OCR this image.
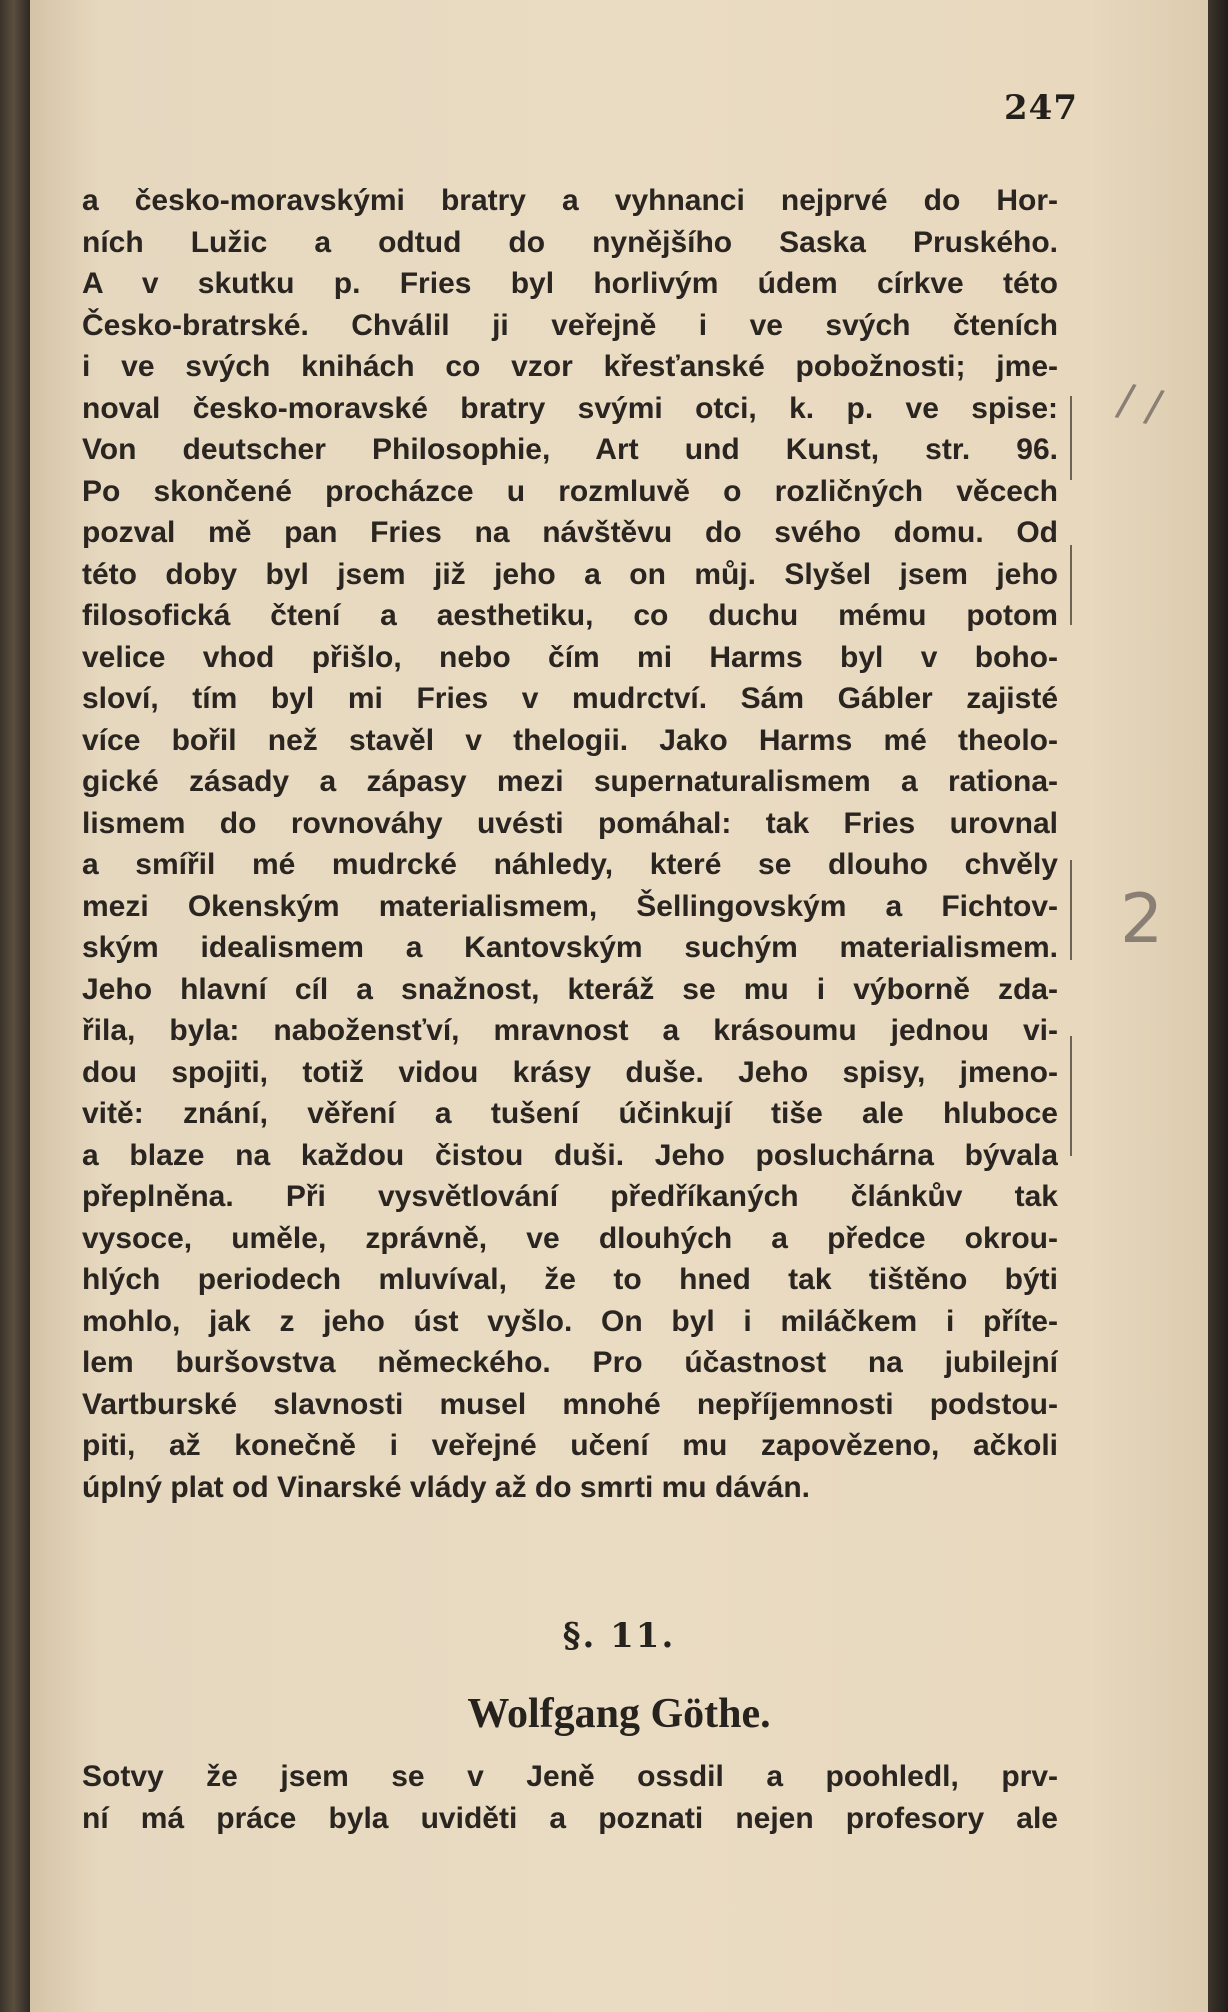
247
a česko-moravskými bratry a vyhnanci nejprvé do Hor-
ních Lužic a odtud do nynějšího Saska Pruského.
A v skutku p. Fries byl horlivým údem církve této
Česko-bratrské. Chválil ji veřejně i ve svých čteních
i ve svých knihách co vzor křesťanské pobožnosti; jme-
noval česko-moravské bratry svými otci, k. p. ve spise:
Von deutscher Philosophie, Art und Kunst, str. 96.
Po skončené procházce u rozmluvě o rozličných věcech
pozval mě pan Fries na návštěvu do svého domu. Od
této doby byl jsem již jeho a on můj. Slyšel jsem jeho
filosofická čtení a aesthetiku, co duchu mému potom
velice vhod přišlo, nebo čím mi Harms byl v boho-
sloví, tím byl mi Fries v mudrctví. Sám Gábler zajisté
více bořil než stavěl v thelogii. Jako Harms mé theolo-
gické zásady a zápasy mezi supernaturalismem a rationa-
lismem do rovnováhy uvésti pomáhal: tak Fries urovnal
a smířil mé mudrcké náhledy, které se dlouho chvěly
mezi Okenským materialismem, Šellingovským a Fichtov-
ským idealismem a Kantovským suchým materialismem.
Jeho hlavní cíl a snažnost, kteráž se mu i výborně zda-
řila, byla: nabožensťví, mravnost a krásoumu jednou vi-
dou spojiti, totiž vidou krásy duše. Jeho spisy, jmeno-
vitě: znání, věření a tušení účinkují tiše ale hluboce
a blaze na každou čistou duši. Jeho posluchárna bývala
přeplněna. Při vysvětlování předříkaných článkův tak
vysoce, uměle, zprávně, ve dlouhých a předce okrou-
hlých periodech mluvíval, že to hned tak tištěno býti
mohlo, jak z jeho úst vyšlo. On byl i miláčkem i příte-
lem buršovstva německého. Pro účastnost na jubilejní
Vartburské slavnosti musel mnohé nepříjemnosti podstou-
piti, až konečně i veřejné učení mu zapovězeno, ačkoli
úplný plat od Vinarské vlády až do smrti mu dáván.
§. 11.
Wolfgang Göthe.
Sotvy že jsem se v Jeně ossdil a poohledl, prv-
ní má práce byla uviděti a poznati nejen profesory ale
/ /
2
